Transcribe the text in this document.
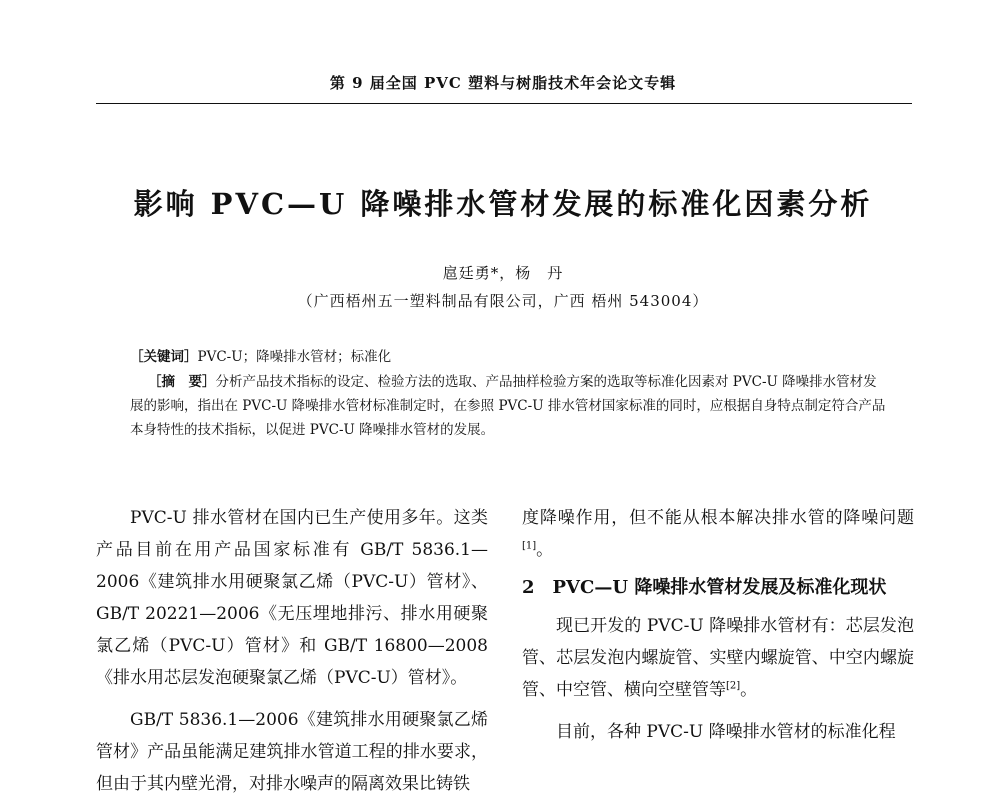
第 9 届全国 PVC 塑料与树脂技术年会论文专辑
影响 PVC—U 降噪排水管材发展的标准化因素分析
扈廷勇*，杨　丹
（广西梧州五一塑料制品有限公司，广西 梧州 543004）
［关键词］PVC-U；降噪排水管材；标准化
［摘　要］分析产品技术指标的设定、检验方法的选取、产品抽样检验方案的选取等标准化因素对 PVC-U 降噪排水管材发展的影响，指出在 PVC-U 降噪排水管材标准制定时，在参照 PVC-U 排水管材国家标准的同时，应根据自身特点制定符合产品本身特性的技术指标，以促进 PVC-U 降噪排水管材的发展。

PVC-U 排水管材在国内已生产使用多年。这类产品目前在用产品国家标准有 GB/T 5836.1—2006《建筑排水用硬聚氯乙烯（PVC-U）管材》、GB/T 20221—2006《无压埋地排污、排水用硬聚氯乙烯（PVC-U）管材》和 GB/T 16800—2008《排水用芯层发泡硬聚氯乙烯（PVC-U）管材》。

GB/T 5836.1—2006《建筑排水用硬聚氯乙烯管材》产品虽能满足建筑排水管道工程的排水要求，但由于其内壁光滑，对排水噪声的隔离效果比铸铁

度降噪作用，但不能从根本解决排水管的降噪问题[1]。

2　PVC—U 降噪排水管材发展及标准化现状

现已开发的 PVC-U 降噪排水管材有：芯层发泡管、芯层发泡内螺旋管、实壁内螺旋管、中空内螺旋管、中空管、横向空壁管等[2]。

目前，各种 PVC-U 降噪排水管材的标准化程
